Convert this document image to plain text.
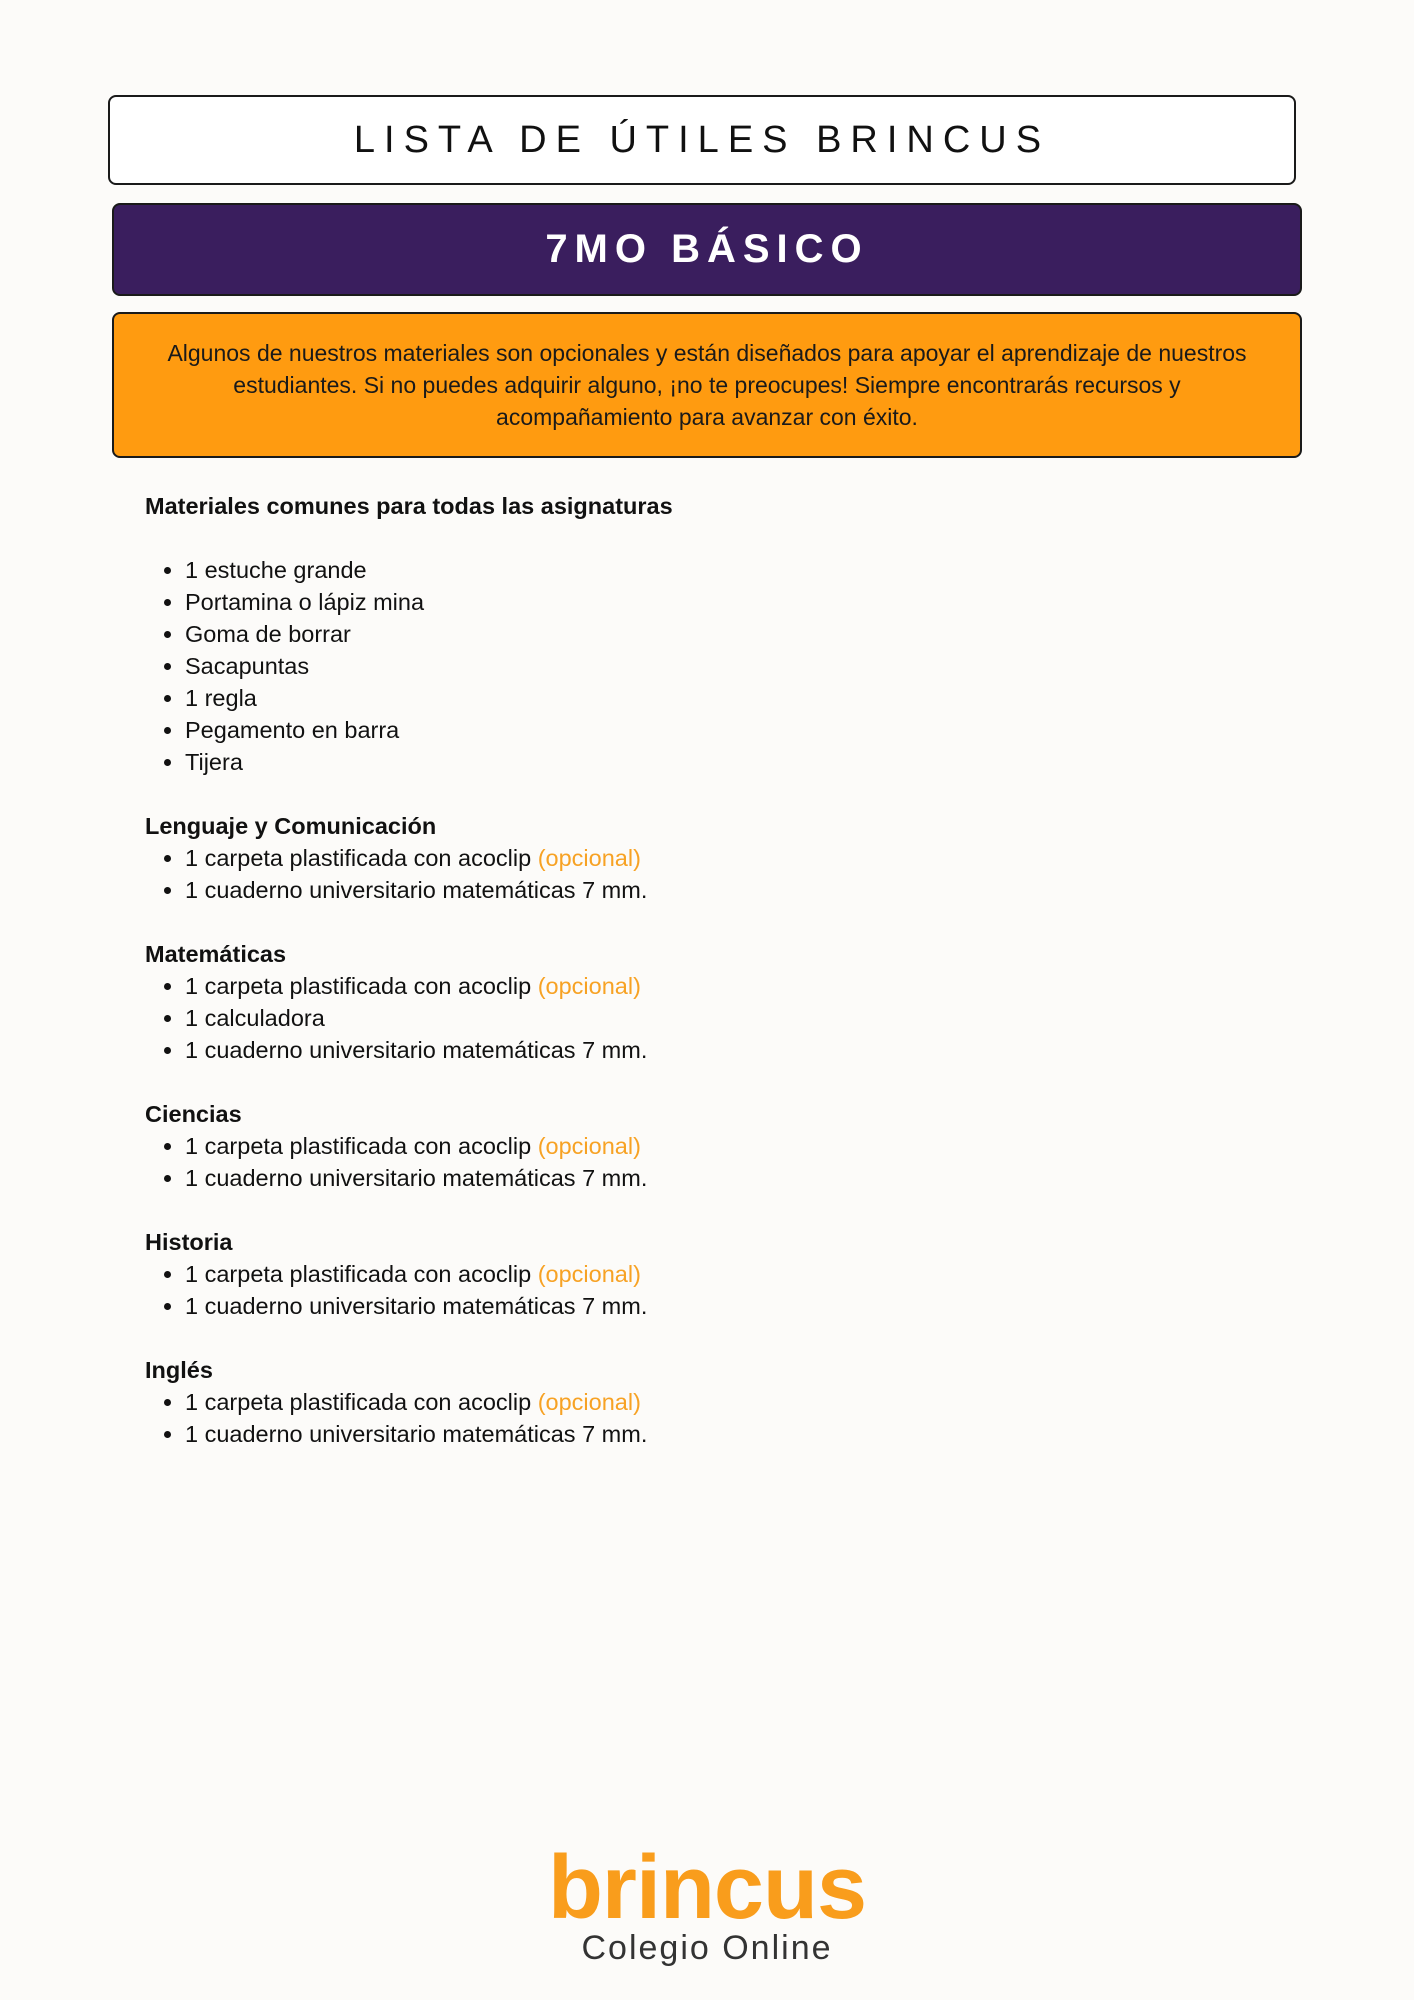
LISTA DE ÚTILES BRINCUS
7MO BÁSICO
Algunos de nuestros materiales son opcionales y están diseñados para apoyar el aprendizaje de nuestros estudiantes. Si no puedes adquirir alguno, ¡no te preocupes! Siempre encontrarás recursos y acompañamiento para avanzar con éxito.

Materiales comunes para todas las asignaturas

• 1 estuche grande
• Portamina o lápiz mina
• Goma de borrar
• Sacapuntas
• 1 regla
• Pegamento en barra
• Tijera

Lenguaje y Comunicación

• 1 carpeta plastificada con acoclip (opcional)
• 1 cuaderno universitario matemáticas 7 mm.

Matemáticas

• 1 carpeta plastificada con acoclip (opcional)
• 1 calculadora
• 1 cuaderno universitario matemáticas 7 mm.

Ciencias

• 1 carpeta plastificada con acoclip (opcional)
• 1 cuaderno universitario matemáticas 7 mm.

Historia

• 1 carpeta plastificada con acoclip (opcional)
• 1 cuaderno universitario matemáticas 7 mm.

Inglés

• 1 carpeta plastificada con acoclip (opcional)
• 1 cuaderno universitario matemáticas 7 mm.
brincus
Colegio Online
